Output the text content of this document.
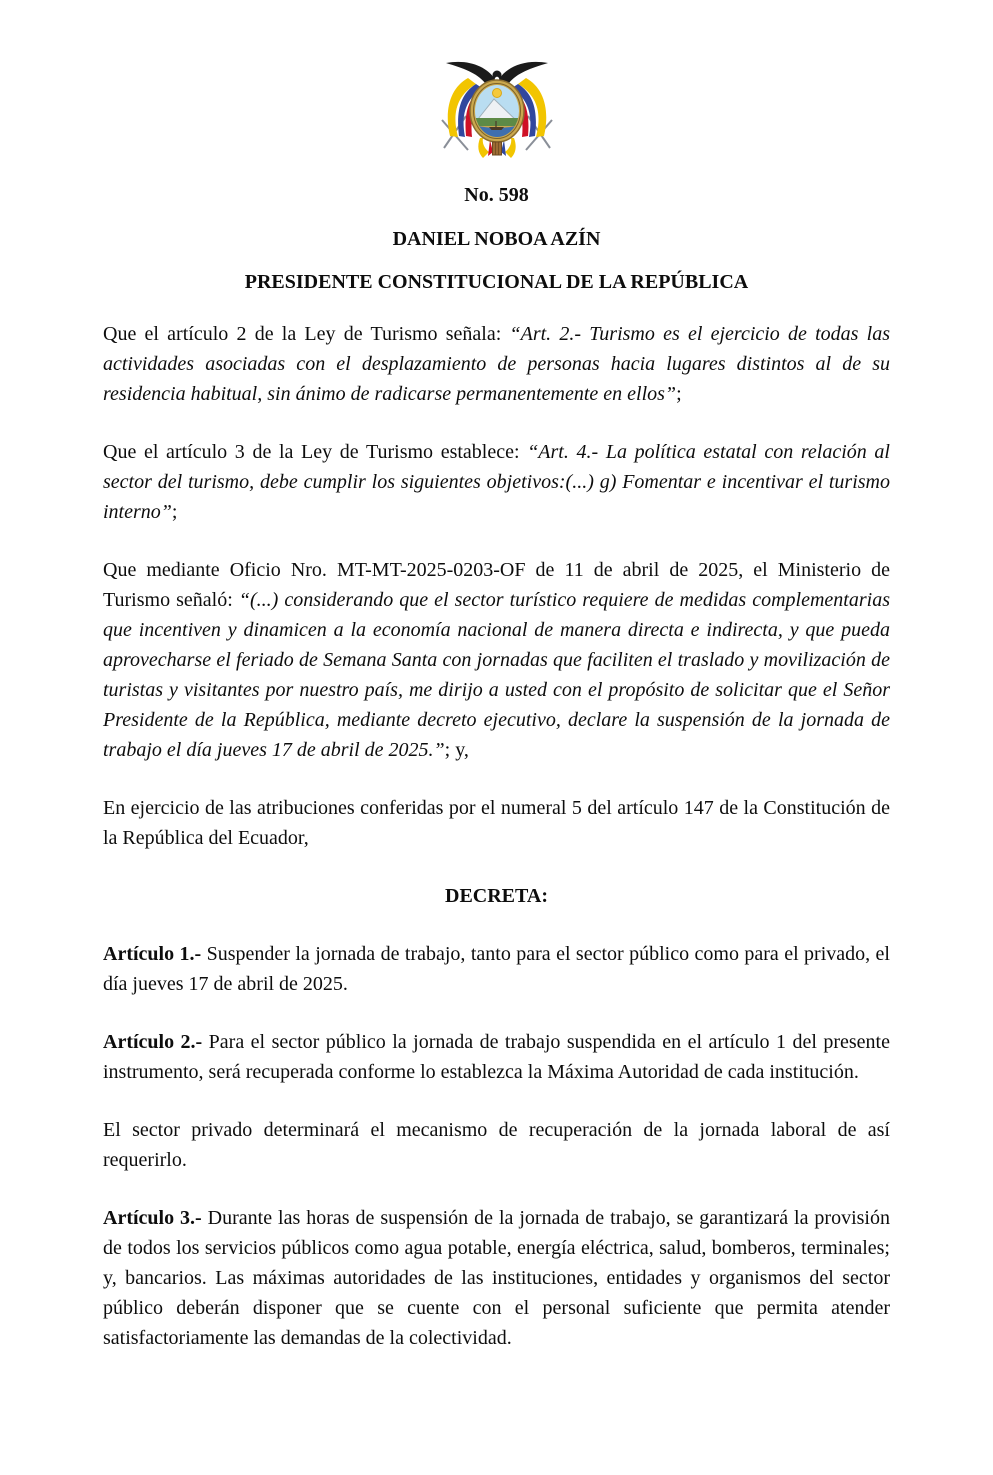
No. 598

DANIEL NOBOA AZÍN

PRESIDENTE CONSTITUCIONAL DE LA REPÚBLICA

Que el artículo 2 de la Ley de Turismo señala: “Art. 2.- Turismo es el ejercicio de todas las actividades asociadas con el desplazamiento de personas hacia lugares distintos al de su residencia habitual, sin ánimo de radicarse permanentemente en ellos”;

Que el artículo 3 de la Ley de Turismo establece: “Art. 4.- La política estatal con relación al sector del turismo, debe cumplir los siguientes objetivos:(...) g) Fomentar e incentivar el turismo interno”;

Que mediante Oficio Nro. MT-MT-2025-0203-OF de 11 de abril de 2025, el Ministerio de Turismo señaló: “(...) considerando que el sector turístico requiere de medidas complementarias que incentiven y dinamicen a la economía nacional de manera directa e indirecta, y que pueda aprovecharse el feriado de Semana Santa con jornadas que faciliten el traslado y movilización de turistas y visitantes por nuestro país, me dirijo a usted con el propósito de solicitar que el Señor Presidente de la República, mediante decreto ejecutivo, declare la suspensión de la jornada de trabajo el día jueves 17 de abril de 2025.”; y,

En ejercicio de las atribuciones conferidas por el numeral 5 del artículo 147 de la Constitución de la República del Ecuador,

DECRETA:

Artículo 1.- Suspender la jornada de trabajo, tanto para el sector público como para el privado, el día jueves 17 de abril de 2025.

Artículo 2.- Para el sector público la jornada de trabajo suspendida en el artículo 1 del presente instrumento, será recuperada conforme lo establezca la Máxima Autoridad de cada institución.

El sector privado determinará el mecanismo de recuperación de la jornada laboral de así requerirlo.

Artículo 3.- Durante las horas de suspensión de la jornada de trabajo, se garantizará la provisión de todos los servicios públicos como agua potable, energía eléctrica, salud, bomberos, terminales; y, bancarios. Las máximas autoridades de las instituciones, entidades y organismos del sector público deberán disponer que se cuente con el personal suficiente que permita atender satisfactoriamente las demandas de la colectividad.
